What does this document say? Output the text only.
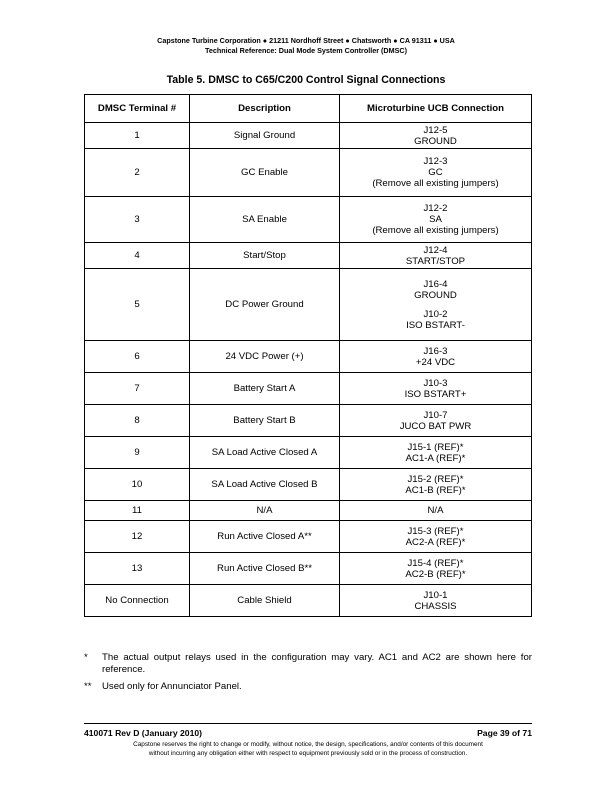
Capstone Turbine Corporation ● 21211 Nordhoff Street ● Chatsworth ● CA 91311 ● USA
Technical Reference: Dual Mode System Controller (DMSC)
Table 5. DMSC to C65/C200 Control Signal Connections
DMSC Terminal #	Description	Microturbine UCB Connection
1	Signal Ground	J12-5
GROUND

2	GC Enable	J12-3
GC
(Remove all existing jumpers)

3	SA Enable	J12-2
SA
(Remove all existing jumpers)

4	Start/Stop	J12-4
START/STOP

5	DC Power Ground	J16-4
GROUND
J10-2
ISO BSTART-

6	24 VDC Power (+)	J16-3
+24 VDC

7	Battery Start A	J10-3
ISO BSTART+

8	Battery Start B	J10-7
JUCO BAT PWR

9	SA Load Active Closed A	J15-1 (REF)*
AC1-A (REF)*

10	SA Load Active Closed B	J15-2 (REF)*
AC1-B (REF)*

11	N/A	N/A

12	Run Active Closed A**	J15-3 (REF)*
AC2-A (REF)*

13	Run Active Closed B**	J15-4 (REF)*
AC2-B (REF)*

No Connection	Cable Shield	J10-1
CHASSIS
*	The actual output relays used in the configuration may vary. AC1 and AC2 are shown here for reference.
**	Used only for Annunciator Panel.
410071 Rev D (January 2010)	Page 39 of 71
Capstone reserves the right to change or modify, without notice, the design, specifications, and/or contents of this document
without incurring any obligation either with respect to equipment previously sold or in the process of construction.
